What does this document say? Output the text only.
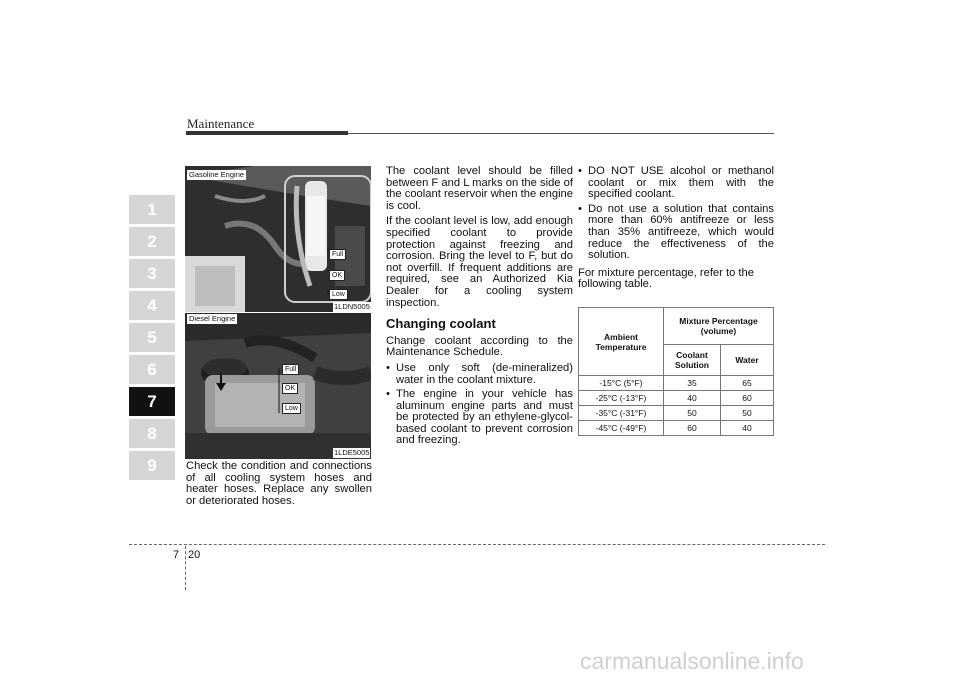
Maintenance
1
2
3
4
5
6
7
8
9
Gasoline Engine
Full
OK
Low
1LDN5005
Diesel Engine
Full
OK
Low
1LDE5005

Check the condition and connections of all cooling system hoses and heater hoses. Replace any swollen or deteriorated hoses.

The coolant level should be filled between F and L marks on the side of the coolant reservoir when the engine is cool.

If the coolant level is low, add enough specified coolant to provide protection against freezing and corrosion. Bring the level to F, but do not overfill. If frequent additions are required, see an Authorized Kia Dealer for a cooling system inspection.

Changing coolant

Change coolant according to the Maintenance Schedule.

• Use only soft (de-mineralized) water in the coolant mixture.
• The engine in your vehicle has aluminum engine parts and must be protected by an ethylene-glycol-based coolant to prevent corrosion and freezing.
• DO NOT USE alcohol or methanol coolant or mix them with the specified coolant.
• Do not use a solution that contains more than 60% antifreeze or less than 35% antifreeze, which would reduce the effectiveness of the solution.

For mixture percentage, refer to the following table.

Ambient Temperature	Mixture Percentage (volume)	
	Coolant Solution	Water
-15°C (5°F)	35	65
-25°C (-13°F)	40	60
-35°C (-31°F)	50	50
-45°C (-49°F)	60	40
7 20
carmanualsonline.info
